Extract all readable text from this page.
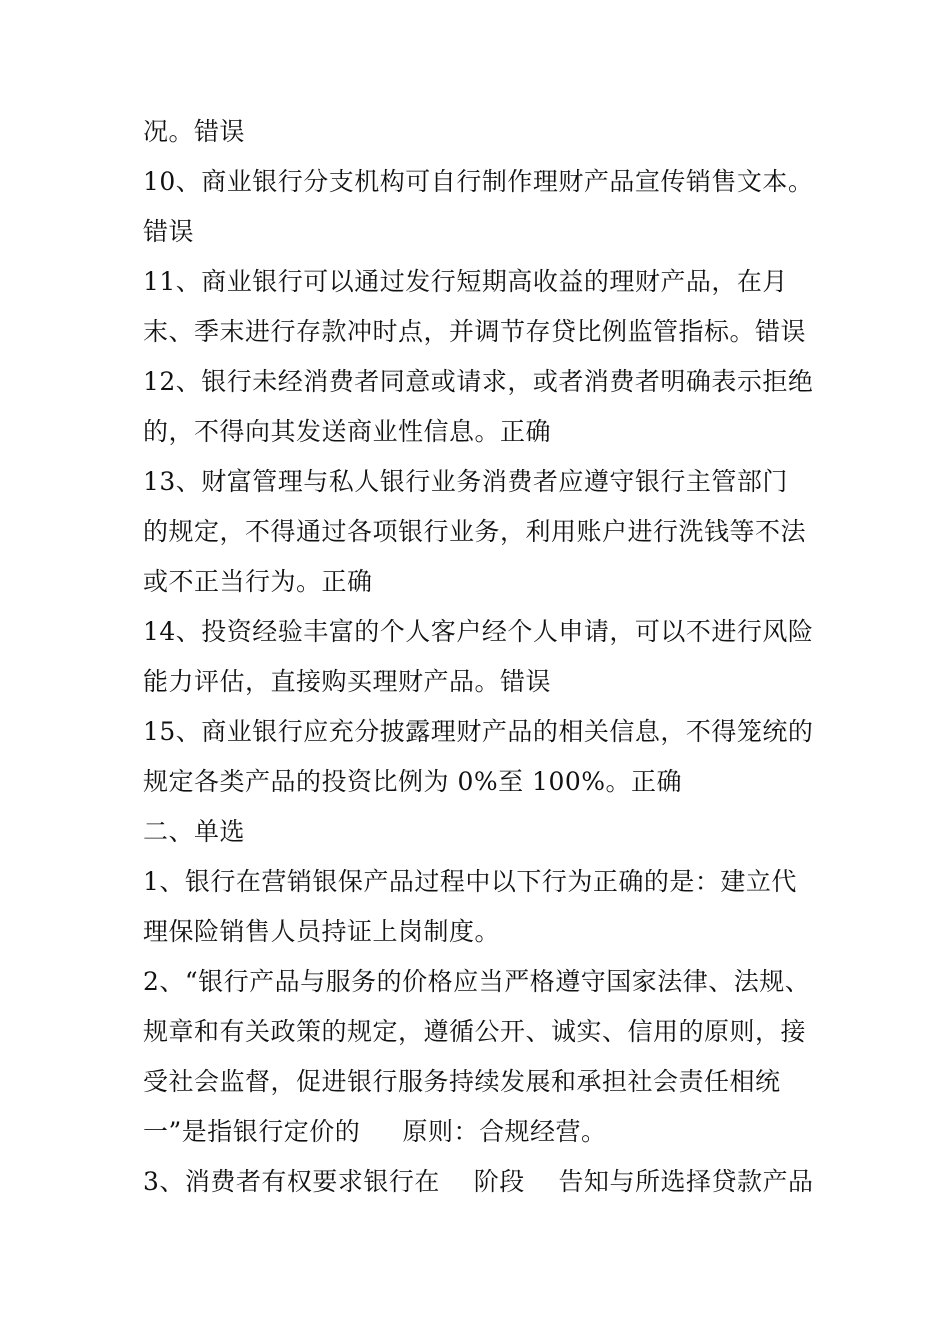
况。错误

10、商业银行分支机构可自行制作理财产品宣传销售文本。

错误

11、商业银行可以通过发行短期高收益的理财产品，在月

末、季末进行存款冲时点，并调节存贷比例监管指标。错误

12、银行未经消费者同意或请求，或者消费者明确表示拒绝

的，不得向其发送商业性信息。正确

13、财富管理与私人银行业务消费者应遵守银行主管部门

的规定，不得通过各项银行业务，利用账户进行洗钱等不法

或不正当行为。正确

14、投资经验丰富的个人客户经个人申请，可以不进行风险

能力评估，直接购买理财产品。错误

15、商业银行应充分披露理财产品的相关信息，不得笼统的

规定各类产品的投资比例为 0%至 100%。正确

二、单选

1、银行在营销银保产品过程中以下行为正确的是：建立代

理保险销售人员持证上岗制度。

2、“银行产品与服务的价格应当严格遵守国家法律、法规、

规章和有关政策的规定，遵循公开、诚实、信用的原则，接

受社会监督，促进银行服务持续发展和承担社会责任相统

一”是指银行定价的     原则：合规经营。

3、消费者有权要求银行在    阶段    告知与所选择贷款产品
